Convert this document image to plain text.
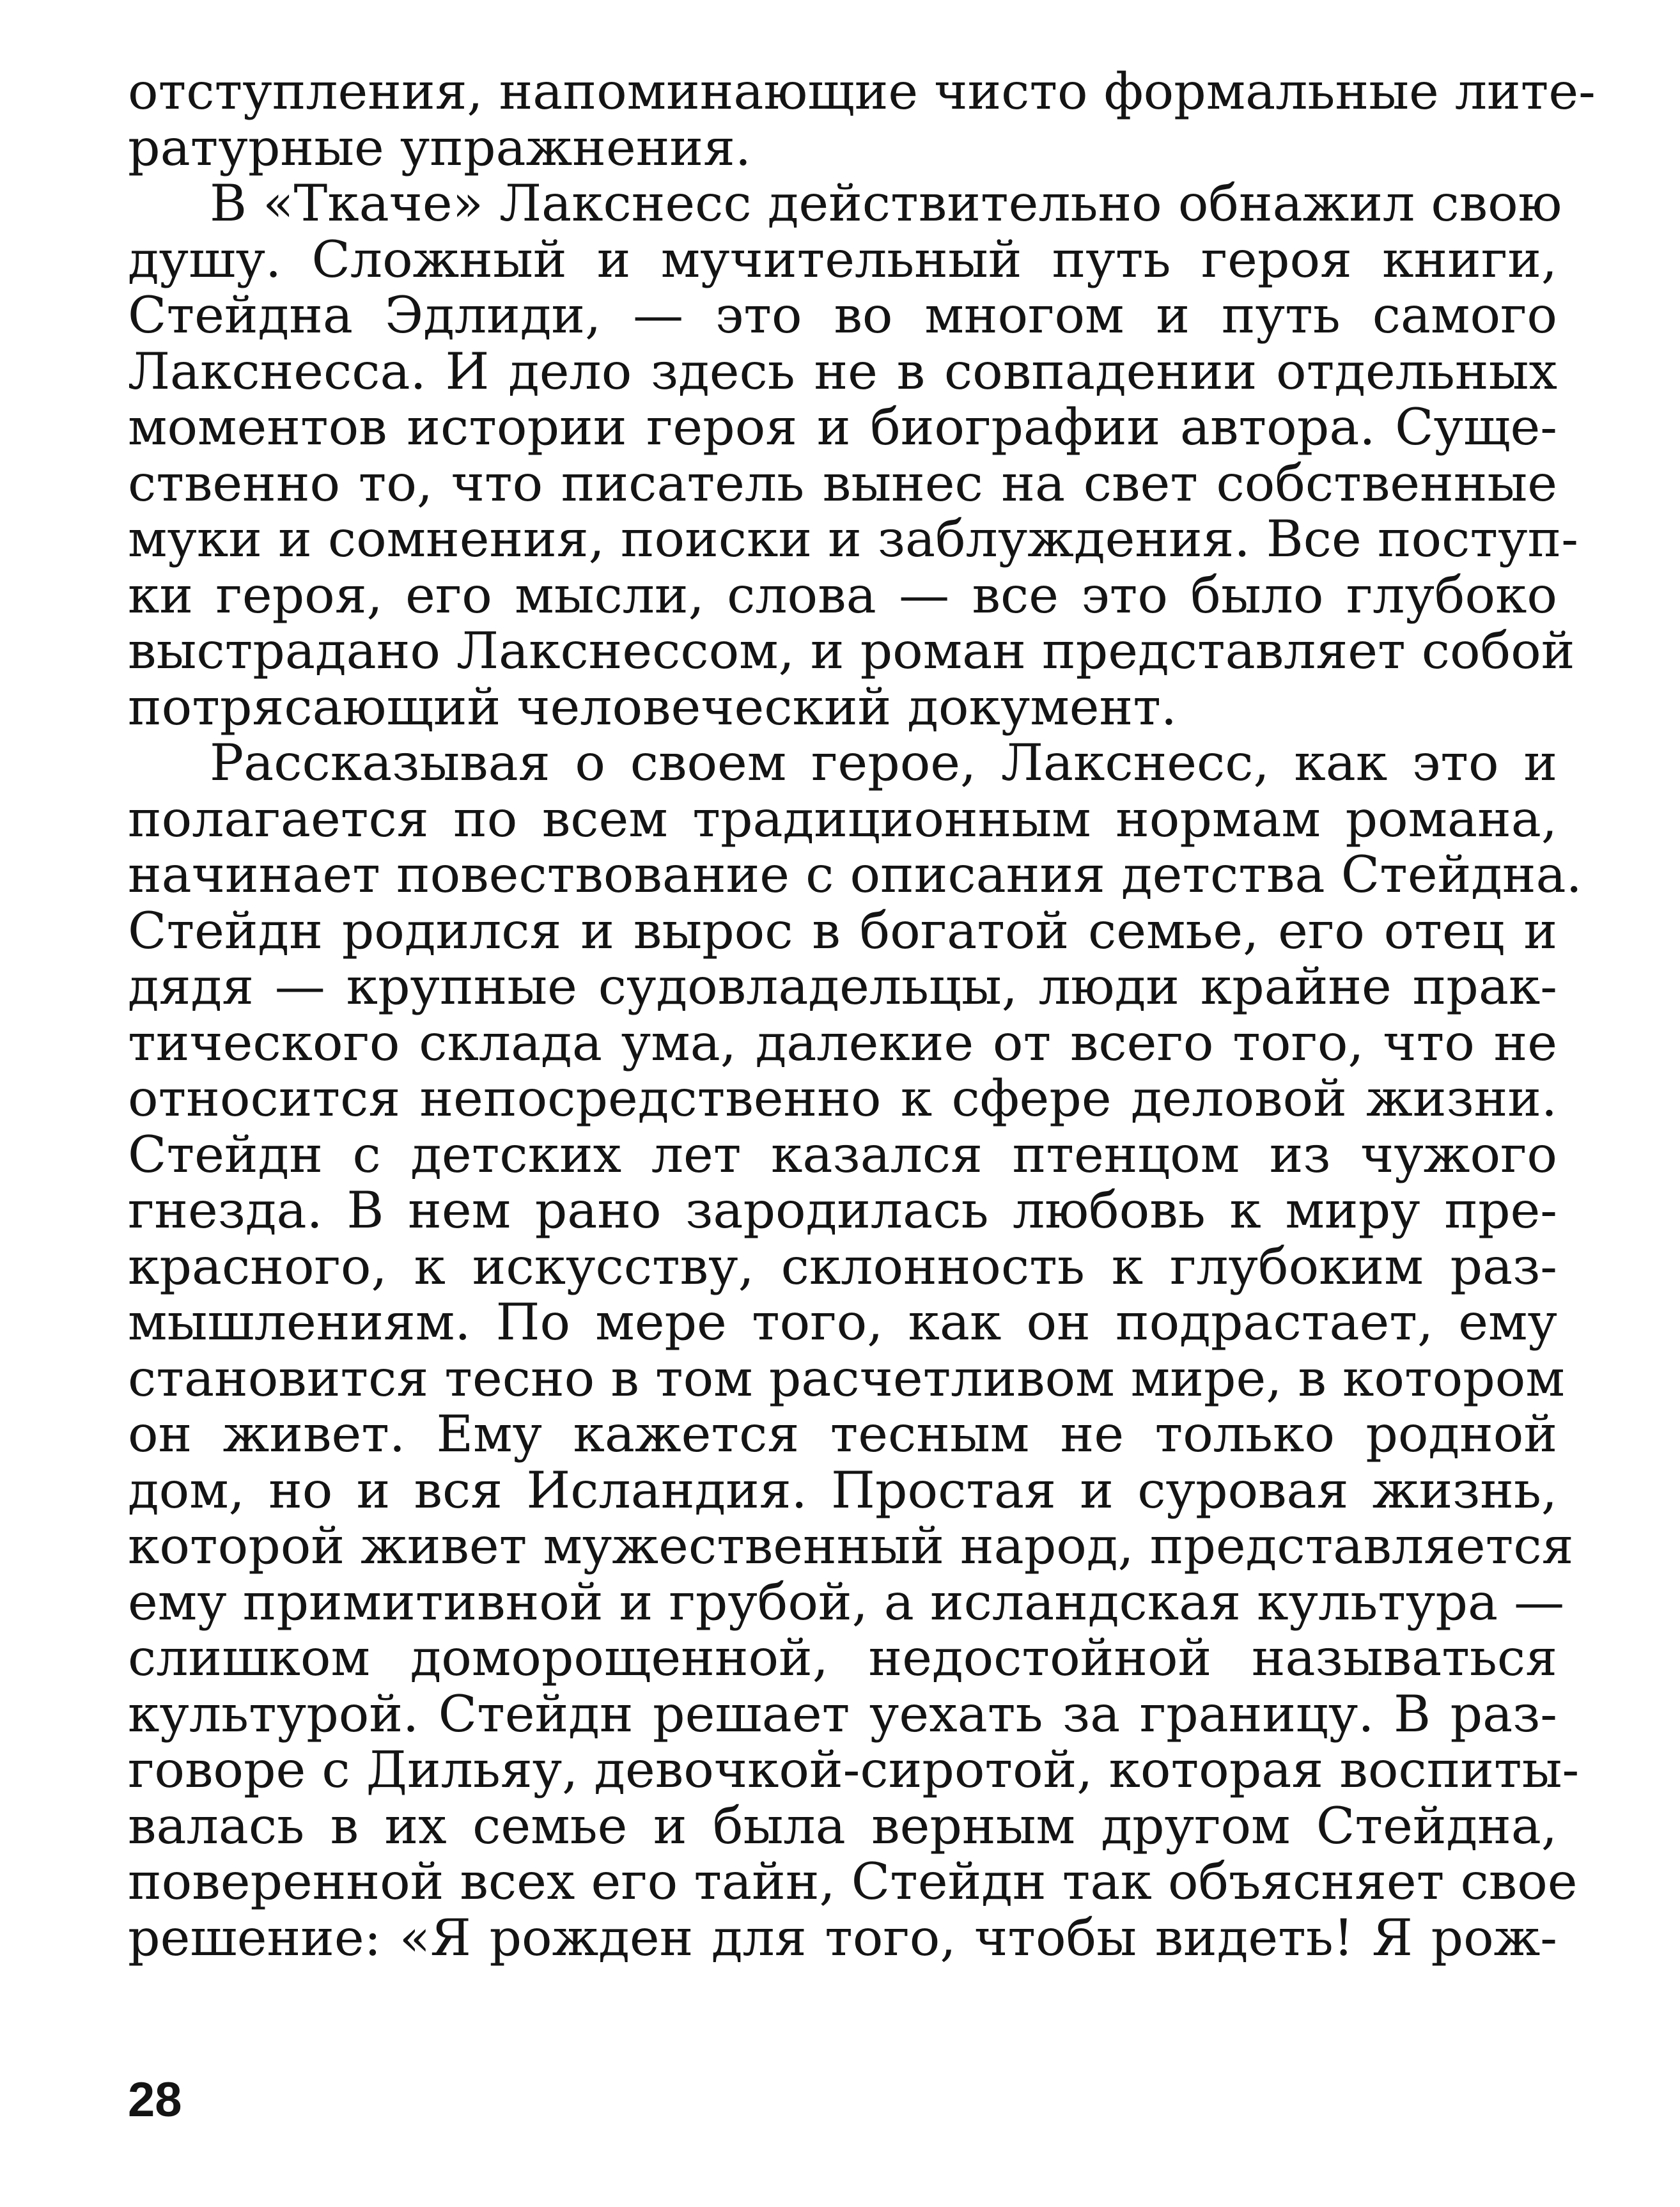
отступления, напоминающие чисто формальные лите-
ратурные упражнения.
В «Ткаче» Лакснесс действительно обнажил свою
душу. Сложный и мучительный путь героя книги,
Стейдна Эдлиди, — это во многом и путь самого
Лакснесса. И дело здесь не в совпадении отдельных
моментов истории героя и биографии автора. Суще-
ственно то, что писатель вынес на свет собственные
муки и сомнения, поиски и заблуждения. Все поступ-
ки героя, его мысли, слова — все это было глубоко
выстрадано Лакснессом, и роман представляет собой
потрясающий человеческий документ.
Рассказывая о своем герое, Лакснесс, как это и
полагается по всем традиционным нормам романа,
начинает повествование с описания детства Стейдна.
Стейдн родился и вырос в богатой семье, его отец и
дядя — крупные судовладельцы, люди крайне прак-
тического склада ума, далекие от всего того, что не
относится непосредственно к сфере деловой жизни.
Стейдн с детских лет казался птенцом из чужого
гнезда. В нем рано зародилась любовь к миру пре-
красного, к искусству, склонность к глубоким раз-
мышлениям. По мере того, как он подрастает, ему
становится тесно в том расчетливом мире, в котором
он живет. Ему кажется тесным не только родной
дом, но и вся Исландия. Простая и суровая жизнь,
которой живет мужественный народ, представляется
ему примитивной и грубой, а исландская культура —
слишком доморощенной, недостойной называться
культурой. Стейдн решает уехать за границу. В раз-
говоре с Дильяу, девочкой-сиротой, которая воспиты-
валась в их семье и была верным другом Стейдна,
поверенной всех его тайн, Стейдн так объясняет свое
решение: «Я рожден для того, чтобы видеть! Я рож-
28
